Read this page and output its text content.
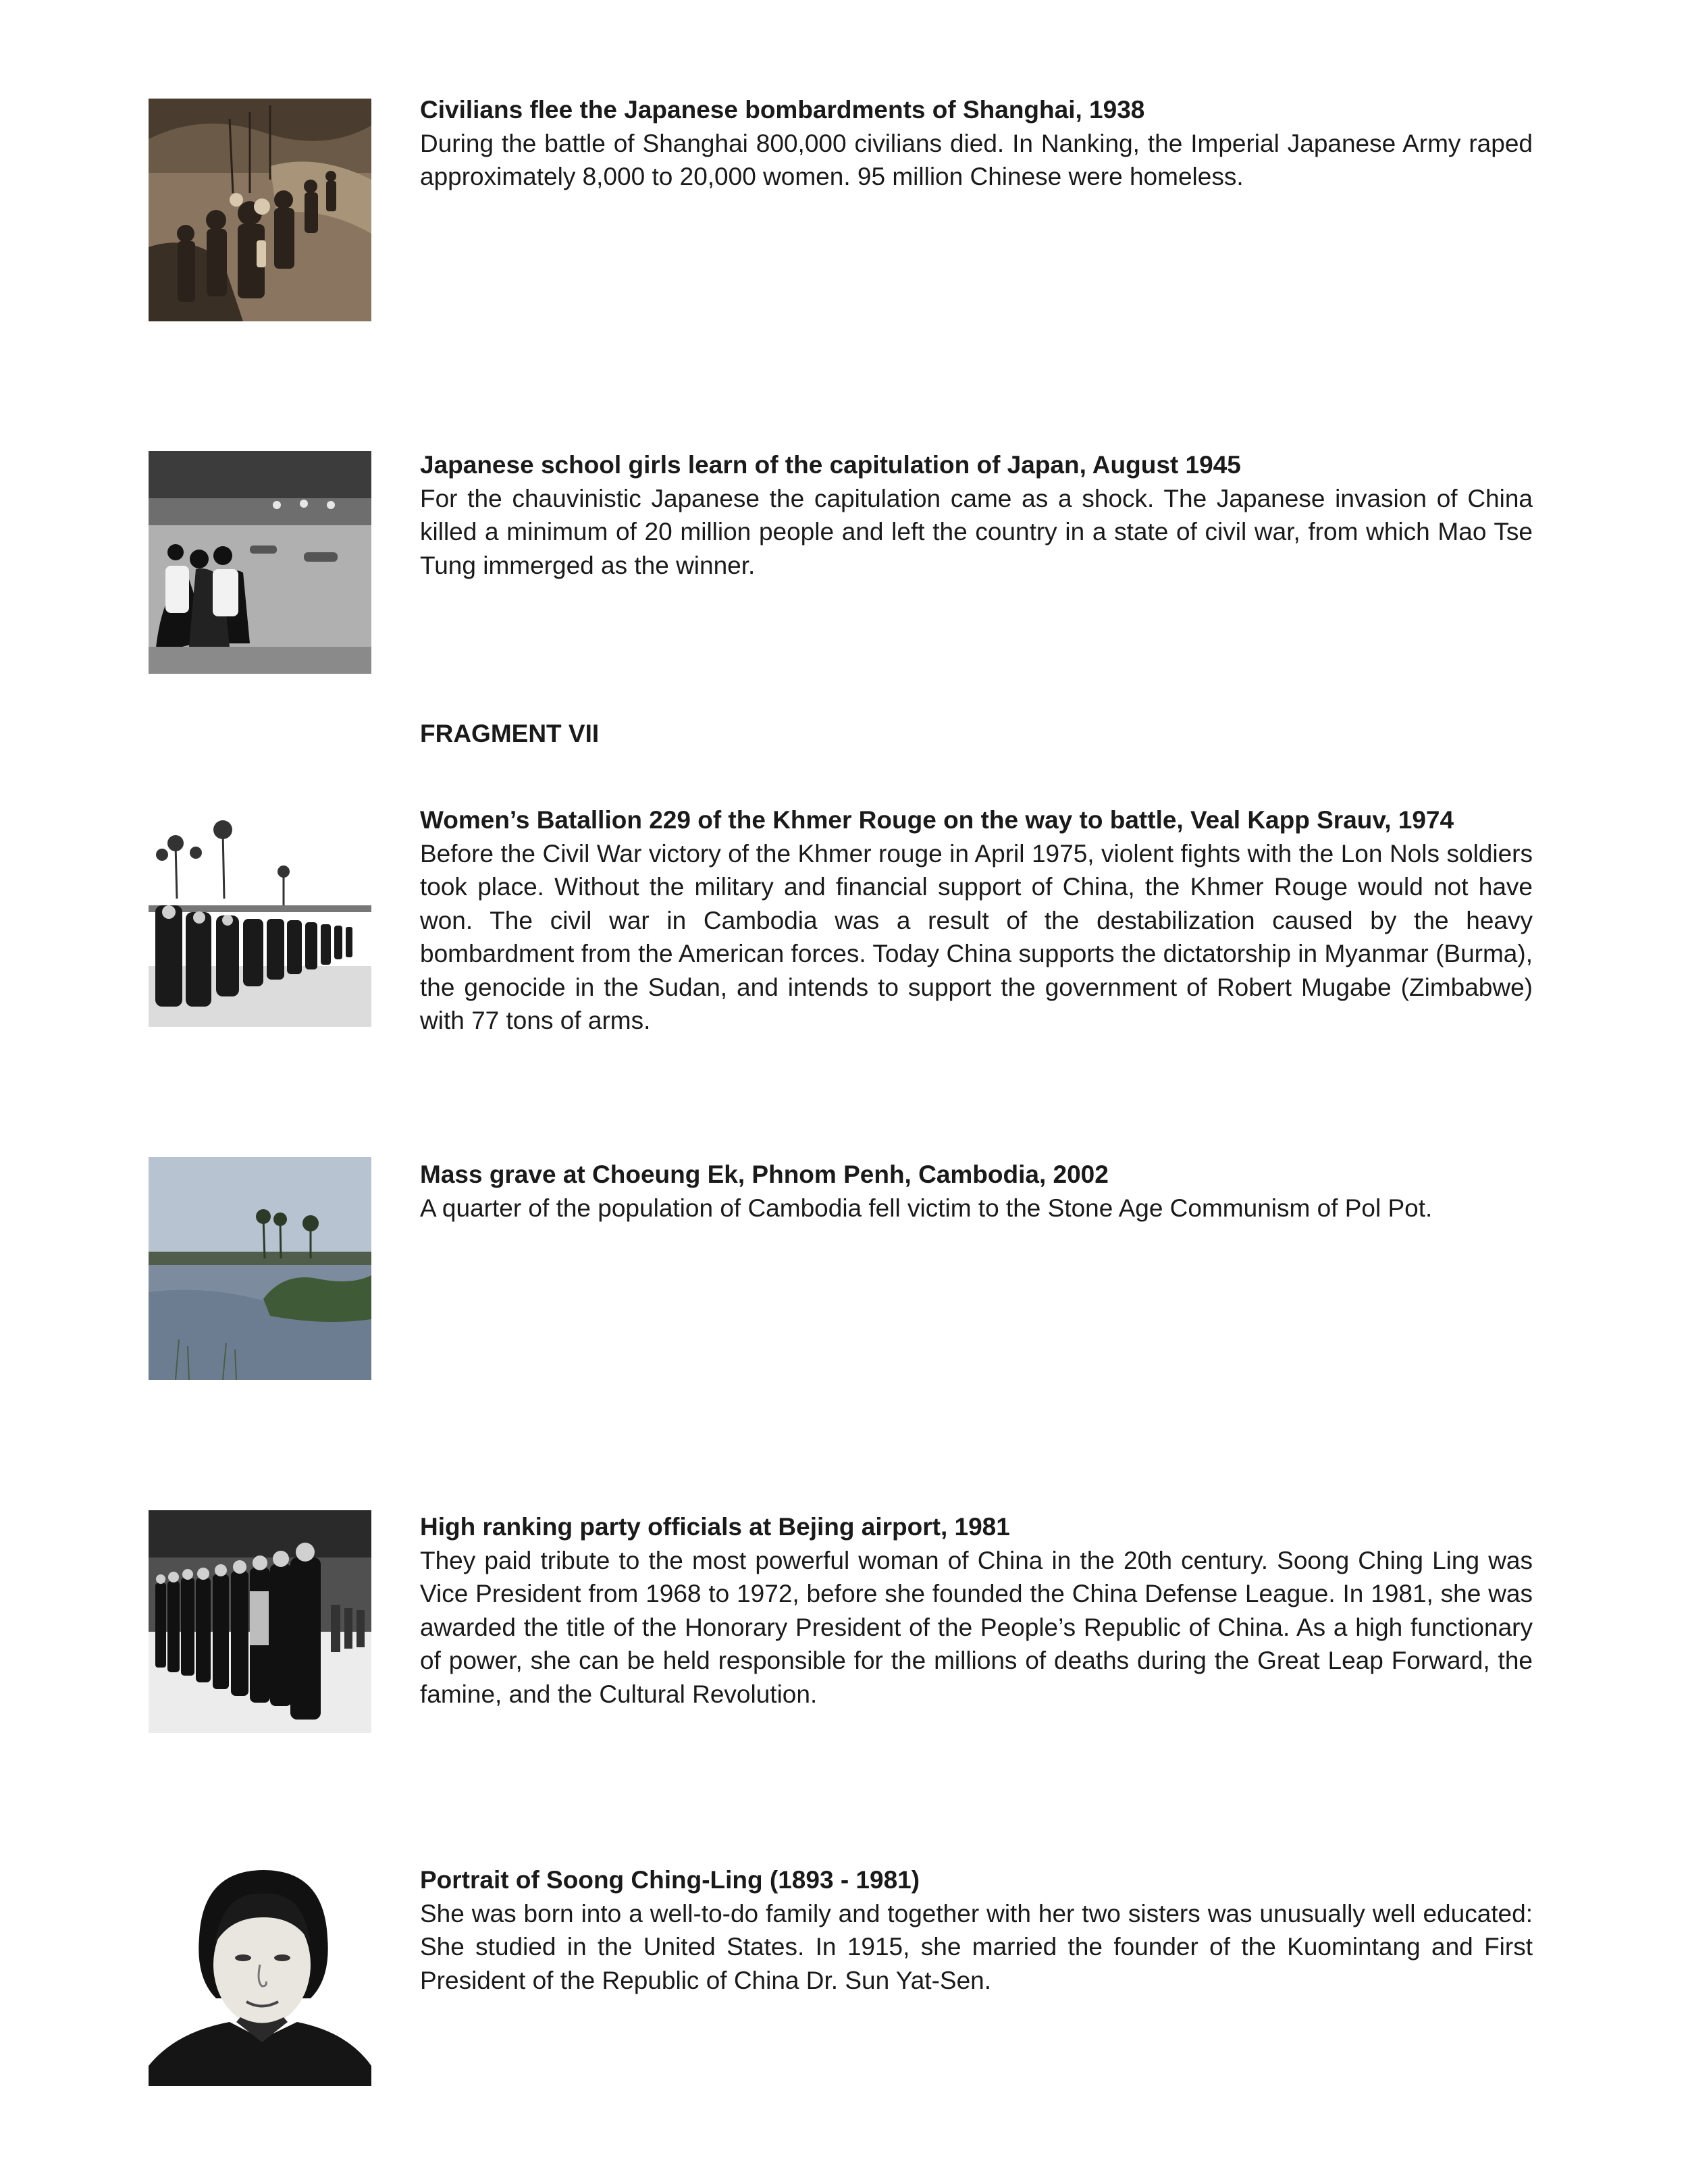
Civilians flee the Japanese bombardments of Shanghai, 1938

During the battle of Shanghai 800,000 civilians died. In Nanking, the Imperial Japanese Army raped approximately 8,000 to 20,000 women. 95 million Chinese were homeless.

Japanese school girls learn of the capitulation of Japan, August 1945

For the chauvinistic Japanese the capitulation came as a shock. The Japanese invasion of China killed a minimum of 20 million people and left the country in a state of civil war, from which Mao Tse Tung immerged as the winner.

FRAGMENT VII

Women’s Batallion 229 of the Khmer Rouge on the way to battle, Veal Kapp Srauv, 1974

Before the Civil War victory of the Khmer rouge in April 1975, violent fights with the Lon Nols soldiers took place. Without the military and financial support of China, the Khmer Rouge would not have won. The civil war in Cambodia was a result of the destabilization caused by the heavy bombardment from the American forces. Today China supports the dictatorship in Myanmar (Burma), the genocide in the Sudan, and intends to support the government of Robert Mugabe (Zimbabwe) with 77 tons of arms.

Mass grave at Choeung Ek, Phnom Penh, Cambodia, 2002

A quarter of the population of Cambodia fell victim to the Stone Age Communism of Pol Pot.

High ranking party officials at Bejing airport, 1981

They paid tribute to the most powerful woman of China in the 20th century. Soong Ching Ling was Vice President from 1968 to 1972, before she founded the China Defense League. In 1981, she was awarded the title of the Honorary President of the People’s Republic of China. As a high functionary of power, she can be held responsible for the millions of deaths during the Great Leap Forward, the famine, and the Cultural Revolution.

Portrait of Soong Ching-Ling (1893 - 1981)

She was born into a well-to-do family and together with her two sisters was unusually well educated: She studied in the United States. In 1915, she married the founder of the Kuomintang and First President of the Republic of China Dr. Sun Yat-Sen.
